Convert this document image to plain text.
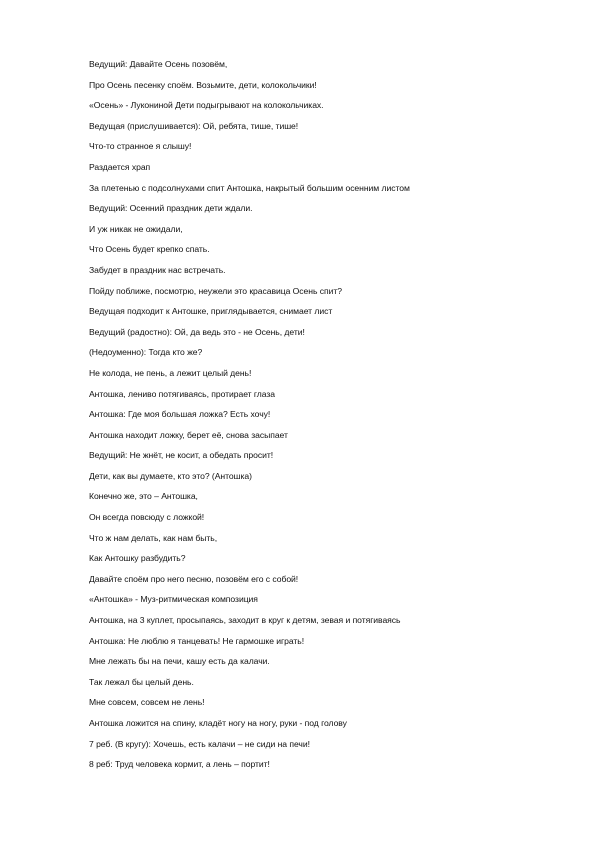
Ведущий: Давайте Осень позовём,
Про Осень песенку споём. Возьмите, дети, колокольчики!
«Осень» - Лукониной Дети подыгрывают на колокольчиках.
Ведущая (прислушивается): Ой, ребята, тише, тише!
Что-то странное я слышу!
Раздается храп
За плетенью с подсолнухами спит Антошка, накрытый большим осенним листом
Ведущий: Осенний праздник дети ждали.
И уж никак не ожидали,
Что Осень будет крепко спать.
Забудет в праздник нас встречать.
Пойду поближе, посмотрю, неужели это красавица Осень спит?
Ведущая подходит к Антошке, приглядывается, снимает лист
Ведущий (радостно): Ой, да ведь это - не Осень, дети!
(Недоуменно): Тогда кто же?
Не колода, не пень, а лежит целый день!
Антошка, лениво потягиваясь, протирает глаза
Антошка: Где моя большая ложка? Есть хочу!
Антошка находит ложку, берет её, снова засыпает
Ведущий: Не жнёт, не косит, а обедать просит!
Дети, как вы думаете, кто это? (Антошка)
Конечно же, это – Антошка,
Он всегда повсюду с ложкой!
Что ж нам делать, как нам быть,
Как Антошку разбудить?
Давайте споём про него песню, позовём его с собой!
«Антошка» - Муз-ритмическая композиция
Антошка, на 3 куплет, просыпаясь, заходит в круг к детям, зевая и потягиваясь
Антошка: Не люблю я танцевать! Не гармошке играть!
Мне лежать бы на печи, кашу есть да калачи.
Так лежал бы целый день.
Мне совсем, совсем не лень!
Антошка ложится на спину, кладёт ногу на ногу, руки - под голову
7 реб. (В кругу): Хочешь, есть калачи – не сиди на печи!
8 реб: Труд человека кормит, а лень – портит!
